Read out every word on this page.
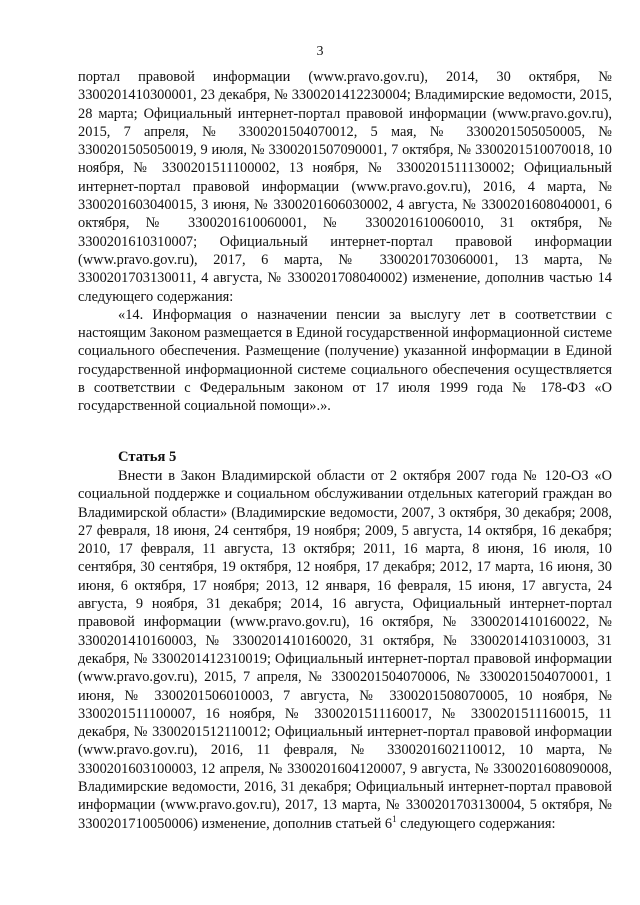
3

портал правовой информации (www.pravo.gov.ru), 2014, 30 октября, № 3300201410300001, 23 декабря, № 3300201412230004; Владимирские ведомости, 2015, 28 марта; Официальный интернет-портал правовой информации (www.pravo.gov.ru), 2015, 7 апреля, № 3300201504070012, 5 мая, № 3300201505050005, № 3300201505050019, 9 июля, № 3300201507090001, 7 октября, № 3300201510070018, 10 ноября, № 3300201511100002, 13 ноября, № 3300201511130002; Официальный интернет-портал правовой информации (www.pravo.gov.ru), 2016, 4 марта, № 3300201603040015, 3 июня, № 3300201606030002, 4 августа, № 3300201608040001, 6 октября, № 3300201610060001, № 3300201610060010, 31 октября, № 3300201610310007; Официальный интернет-портал правовой информации (www.pravo.gov.ru), 2017, 6 марта, № 3300201703060001, 13 марта, № 3300201703130011, 4 августа, № 3300201708040002) изменение, дополнив частью 14 следующего содержания:

«14. Информация о назначении пенсии за выслугу лет в соответствии с настоящим Законом размещается в Единой государственной информационной системе социального обеспечения. Размещение (получение) указанной информации в Единой государственной информационной системе социального обеспечения осуществляется в соответствии с Федеральным законом от 17 июля 1999 года № 178-ФЗ «О государственной социальной помощи».».

Статья 5

Внести в Закон Владимирской области от 2 октября 2007 года № 120-ОЗ «О социальной поддержке и социальном обслуживании отдельных категорий граждан во Владимирской области» (Владимирские ведомости, 2007, 3 октября, 30 декабря; 2008, 27 февраля, 18 июня, 24 сентября, 19 ноября; 2009, 5 августа, 14 октября, 16 декабря; 2010, 17 февраля, 11 августа, 13 октября; 2011, 16 марта, 8 июня, 16 июля, 10 сентября, 30 сентября, 19 октября, 12 ноября, 17 декабря; 2012, 17 марта, 16 июня, 30 июня, 6 октября, 17 ноября; 2013, 12 января, 16 февраля, 15 июня, 17 августа, 24 августа, 9 ноября, 31 декабря; 2014, 16 августа, Официальный интернет-портал правовой информации (www.pravo.gov.ru), 16 октября, № 3300201410160022, № 3300201410160003, № 3300201410160020, 31 октября, № 3300201410310003, 31 декабря, № 3300201412310019; Официальный интернет-портал правовой информации (www.pravo.gov.ru), 2015, 7 апреля, № 3300201504070006, № 3300201504070001, 1 июня, № 3300201506010003, 7 августа, № 3300201508070005, 10 ноября, № 3300201511100007, 16 ноября, № 3300201511160017, № 3300201511160015, 11 декабря, № 3300201512110012; Официальный интернет-портал правовой информации (www.pravo.gov.ru), 2016, 11 февраля, № 3300201602110012, 10 марта, № 3300201603100003, 12 апреля, № 3300201604120007, 9 августа, № 3300201608090008, Владимирские ведомости, 2016, 31 декабря; Официальный интернет-портал правовой информации (www.pravo.gov.ru), 2017, 13 марта, № 3300201703130004, 5 октября, № 3300201710050006) изменение, дополнив статьей $6^1$ следующего содержания:
